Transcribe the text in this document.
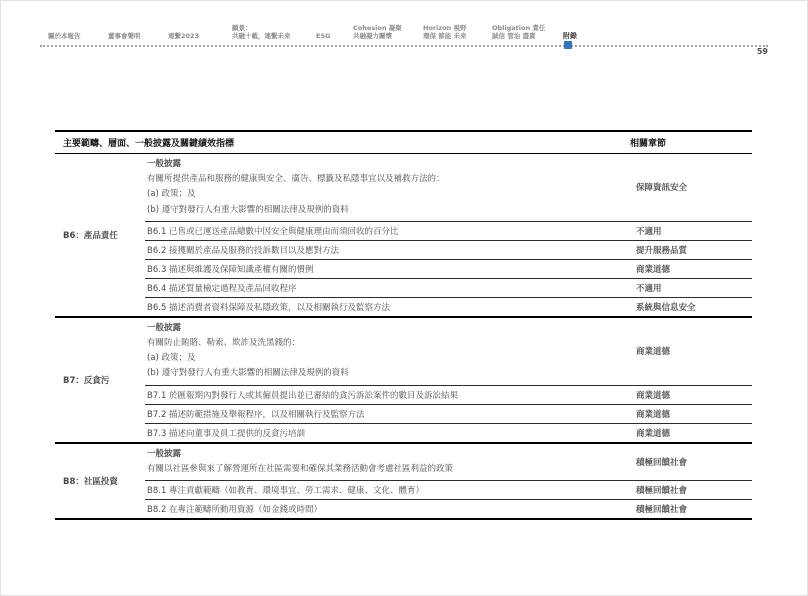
關於本報告	董事會聲明	連繫2023
願景：
共融十載，連繫未來	ESG
Cohesion 凝聚
共融凝力關懷
Horizon 視野
環保 節能 未來
Obligation 責任
誠信 管治 盡責	附錄
59
主要範疇、層面、一般披露及關鍵績效指標	相關章節
B6：產品責任
一般披露
有關所提供產品和服務的健康與安全、廣告、標籤及私隱事宜以及補救方法的：
(a) 政策；及
(b) 遵守對發行人有重大影響的相關法律及規例的資料
保障資訊安全
B6.1 已售或已運送產品總數中因安全與健康理由而須回收的百分比	不適用
B6.2 接獲關於產品及服務的投訴數目以及應對方法	提升服務品質
B6.3 描述與維護及保障知識產權有關的慣例	商業道德
B6.4 描述質量檢定過程及產品回收程序	不適用
B6.5 描述消費者資料保障及私隱政策，以及相關執行及監察方法	系統與信息安全
B7：反貪污
一般披露
有關防止賄賂、勒索、欺詐及洗黑錢的：
(a) 政策；及
(b) 遵守對發行人有重大影響的相關法律及規例的資料
商業道德
B7.1 於匯報期內對發行人或其僱員提出並已審結的貪污訴訟案件的數目及訴訟結果	商業道德
B7.2 描述防範措施及舉報程序，以及相關執行及監察方法	商業道德
B7.3 描述向董事及員工提供的反貪污培訓	商業道德
B8：社區投資
一般披露
有關以社區參與來了解營運所在社區需要和確保其業務活動會考慮社區利益的政策
積極回饋社會
B8.1 專注貢獻範疇（如教育、環境事宜、勞工需求、健康、文化、體育）	積極回饋社會
B8.2 在專注範疇所動用資源（如金錢或時間）	積極回饋社會
